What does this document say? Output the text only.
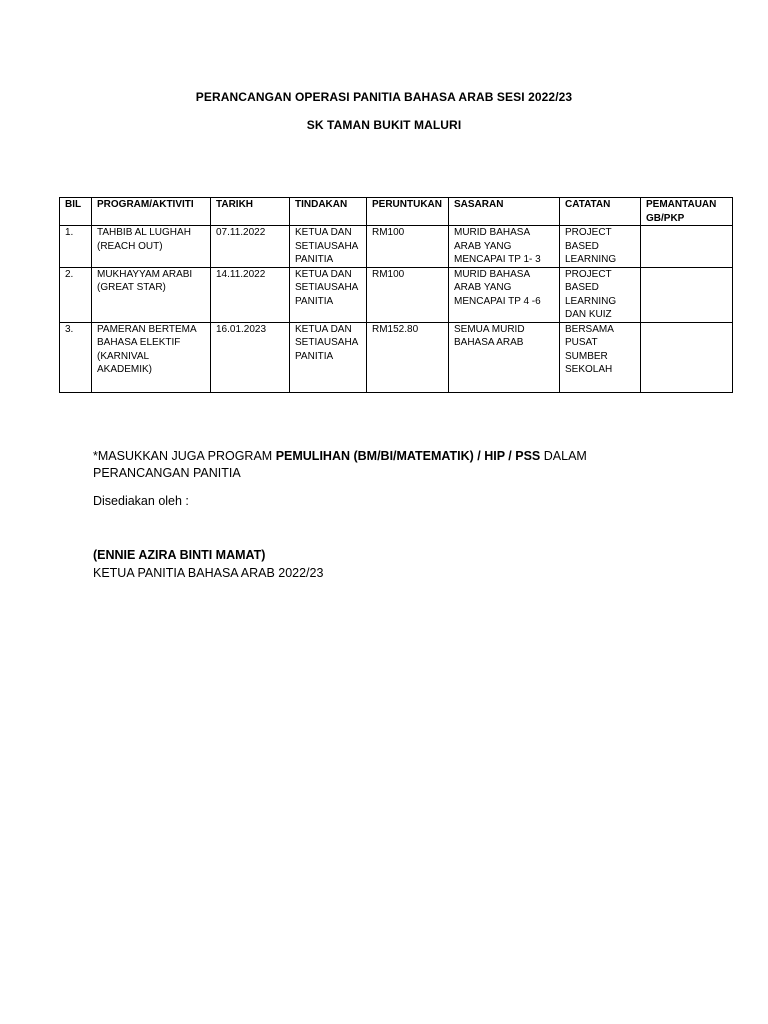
PERANCANGAN OPERASI PANITIA BAHASA ARAB SESI 2022/23
SK TAMAN BUKIT MALURI
BIL	PROGRAM/AKTIVITI	TARIKH	TINDAKAN	PERUNTUKAN	SASARAN	CATATAN	PEMANTAUAN GB/PKP
1.	TAHBIB AL LUGHAH (REACH OUT)	07.11.2022	KETUA DAN SETIAUSAHA PANITIA	RM100	MURID BAHASA ARAB YANG MENCAPAI TP 1- 3	PROJECT BASED LEARNING	
2.	MUKHAYYAM ARABI (GREAT STAR)	14.11.2022	KETUA DAN SETIAUSAHA PANITIA	RM100	MURID BAHASA ARAB YANG MENCAPAI TP 4 -6	PROJECT BASED LEARNING DAN KUIZ	
3.	PAMERAN BERTEMA BAHASA ELEKTIF (KARNIVAL AKADEMIK)	16.01.2023	KETUA DAN SETIAUSAHA PANITIA	RM152.80	SEMUA MURID BAHASA ARAB	BERSAMA PUSAT SUMBER SEKOLAH	
*MASUKKAN JUGA PROGRAM PEMULIHAN (BM/BI/MATEMATIK) / HIP / PSS DALAM PERANCANGAN PANITIA
Disediakan oleh :
(ENNIE AZIRA BINTI MAMAT)
KETUA PANITIA BAHASA ARAB 2022/23
